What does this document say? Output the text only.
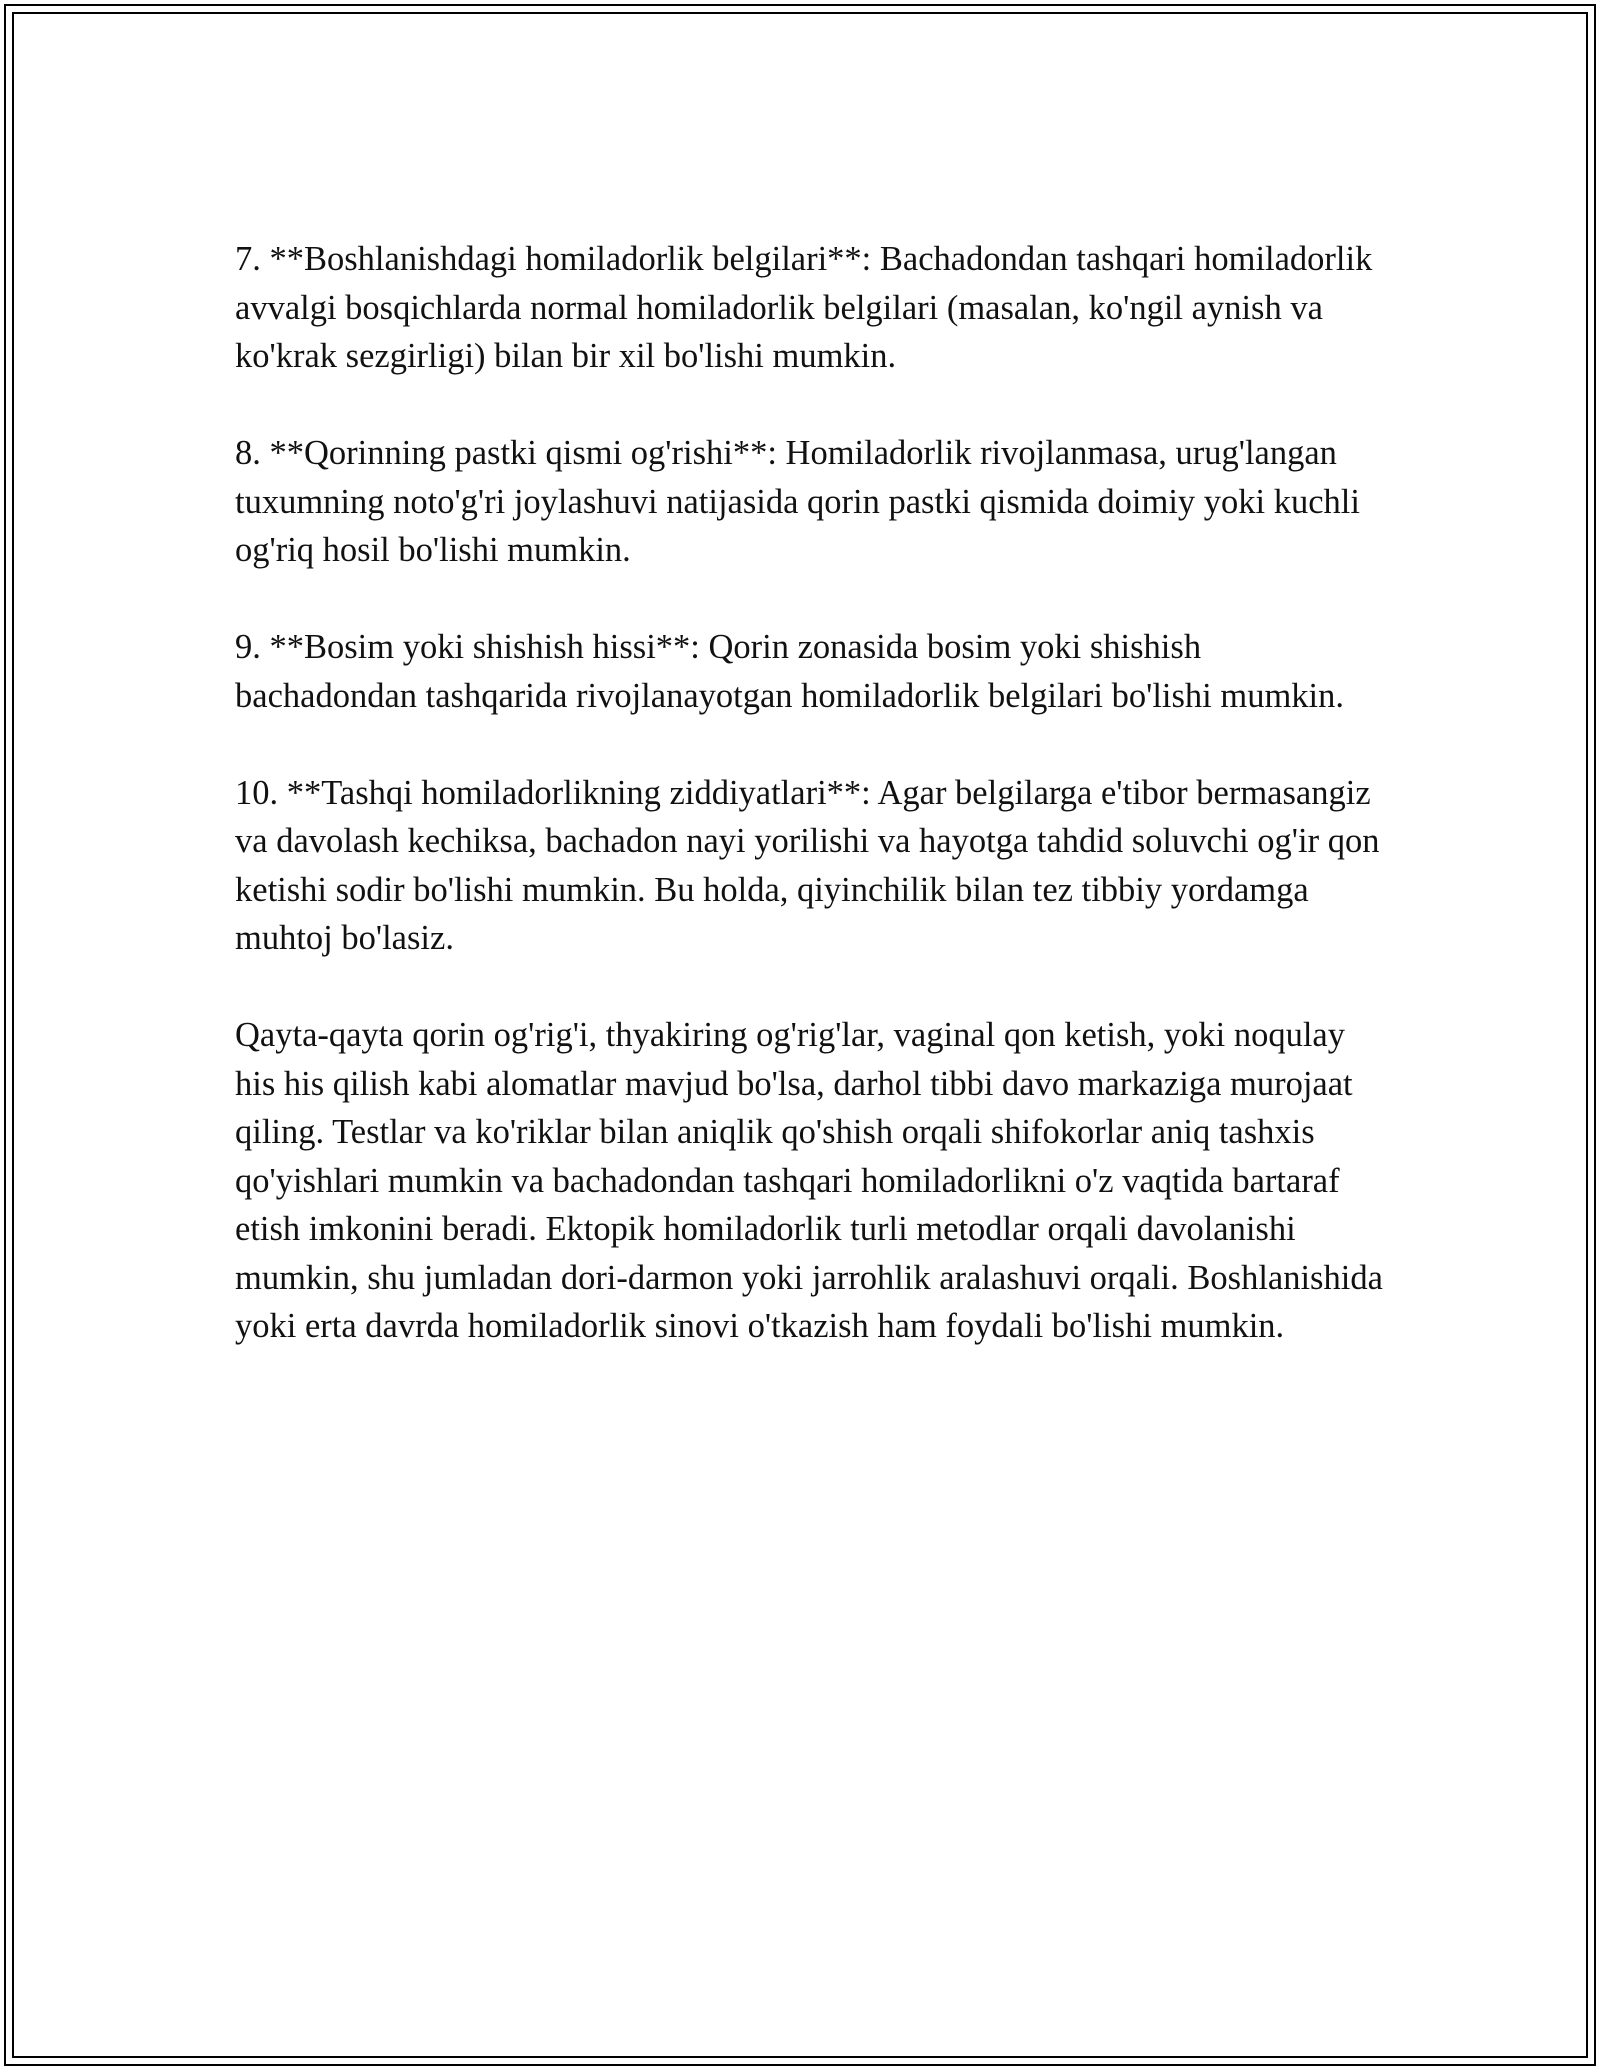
7. **Boshlanishdagi homiladorlik belgilari**: Bachadondan tashqari homiladorlik avvalgi bosqichlarda normal homiladorlik belgilari (masalan, ko'ngil aynish va ko'krak sezgirligi) bilan bir xil bo'lishi mumkin.

8. **Qorinning pastki qismi og'rishi**: Homiladorlik rivojlanmasa, urug'langan tuxumning noto'g'ri joylashuvi natijasida qorin pastki qismida doimiy yoki kuchli og'riq hosil bo'lishi mumkin.

9. **Bosim yoki shishish hissi**: Qorin zonasida bosim yoki shishish bachadondan tashqarida rivojlanayotgan homiladorlik belgilari bo'lishi mumkin.

10. **Tashqi homiladorlikning ziddiyatlari**: Agar belgilarga e'tibor bermasangiz va davolash kechiksa, bachadon nayi yorilishi va hayotga tahdid soluvchi og'ir qon ketishi sodir bo'lishi mumkin. Bu holda, qiyinchilik bilan tez tibbiy yordamga muhtoj bo'lasiz.

Qayta-qayta qorin og'rig'i, thyakiring og'rig'lar, vaginal qon ketish, yoki noqulay his his qilish kabi alomatlar mavjud bo'lsa, darhol tibbi davo markaziga murojaat qiling. Testlar va ko'riklar bilan aniqlik qo'shish orqali shifokorlar aniq tashxis qo'yishlari mumkin va bachadondan tashqari homiladorlikni o'z vaqtida bartaraf etish imkonini beradi. Ektopik homiladorlik turli metodlar orqali davolanishi mumkin, shu jumladan dori-darmon yoki jarrohlik aralashuvi orqali. Boshlanishida yoki erta davrda homiladorlik sinovi o'tkazish ham foydali bo'lishi mumkin.
